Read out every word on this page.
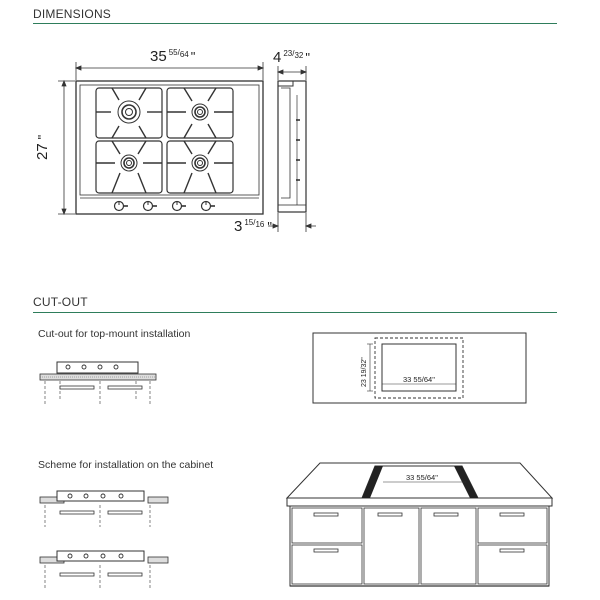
DIMENSIONS
CUT-OUT
Cut-out for top-mount installation
Scheme for installation on the cabinet
35 $^{55}$/64 "
27"
4 $^{23}$/32 "
3 $^{15}$/16 "
33 55/64"
23 19/32"
33 55/64"
